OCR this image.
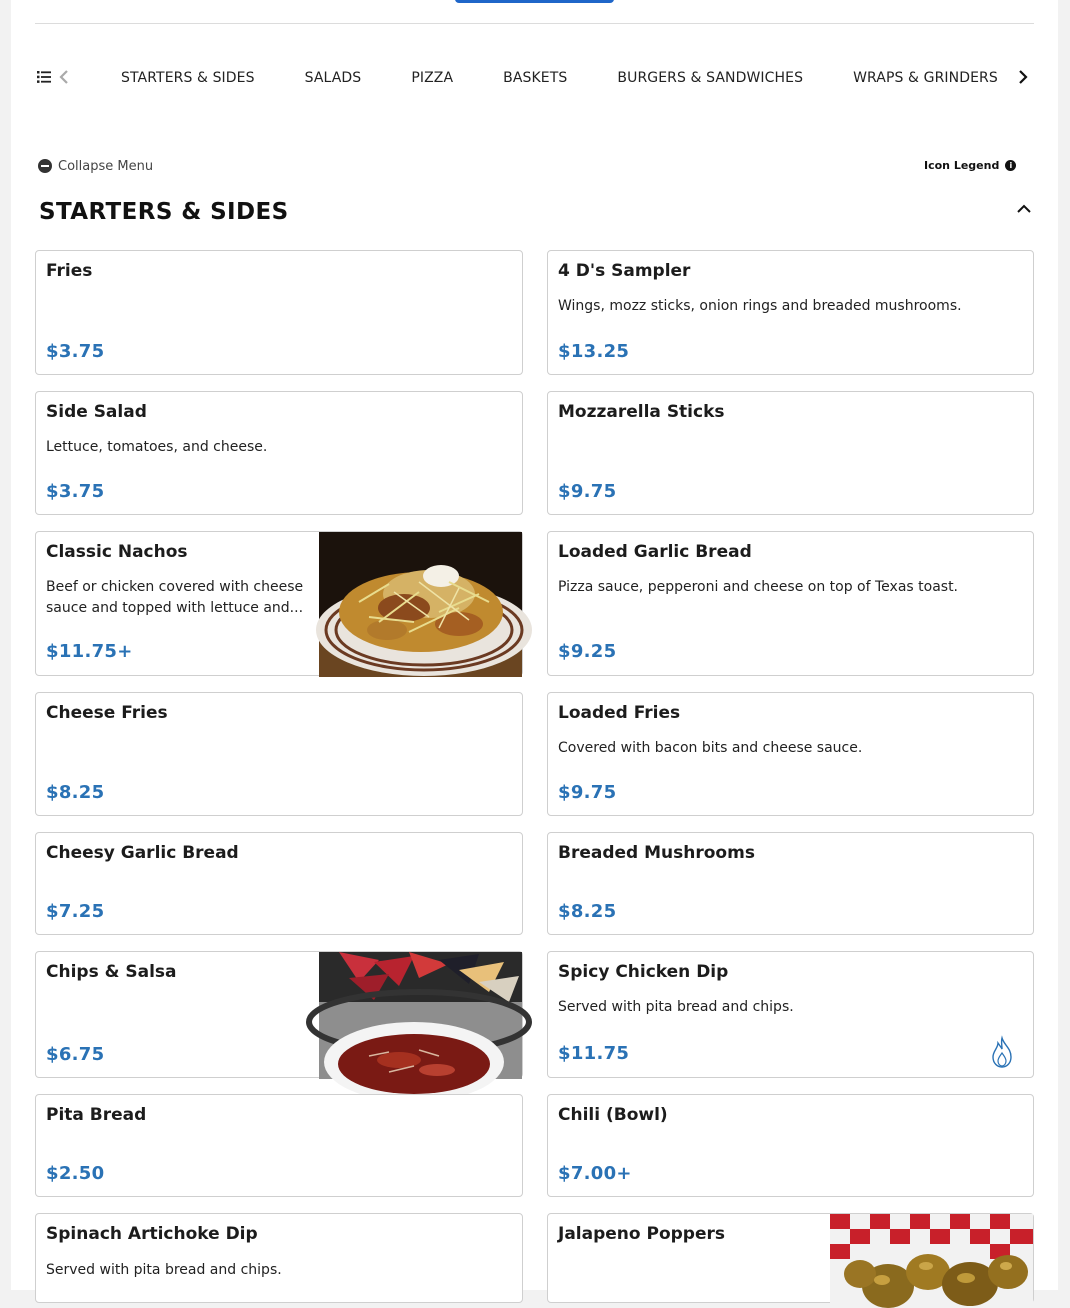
STARTERS & SIDES	SALADS	PIZZA	BASKETS	BURGERS & SANDWICHES	WRAPS & GRINDERS
Collapse Menu	Icon Legend	i
STARTERS & SIDES
Fries
$3.75
4 D's Sampler
Wings, mozz sticks, onion rings and breaded mushrooms.
$13.25
Side Salad
Lettuce, tomatoes, and cheese.
$3.75
Mozzarella Sticks
$9.75
Classic Nachos
Beef or chicken covered with cheese sauce and topped with lettuce and...
$11.75+
Loaded Garlic Bread
Pizza sauce, pepperoni and cheese on top of Texas toast.
$9.25
Cheese Fries
$8.25
Loaded Fries
Covered with bacon bits and cheese sauce.
$9.75
Cheesy Garlic Bread
$7.25
Breaded Mushrooms
$8.25
Chips & Salsa
$6.75
Spicy Chicken Dip
Served with pita bread and chips.
$11.75
Pita Bread
$2.50
Chili (Bowl)
$7.00+
Spinach Artichoke Dip
Served with pita bread and chips.
Jalapeno Poppers
